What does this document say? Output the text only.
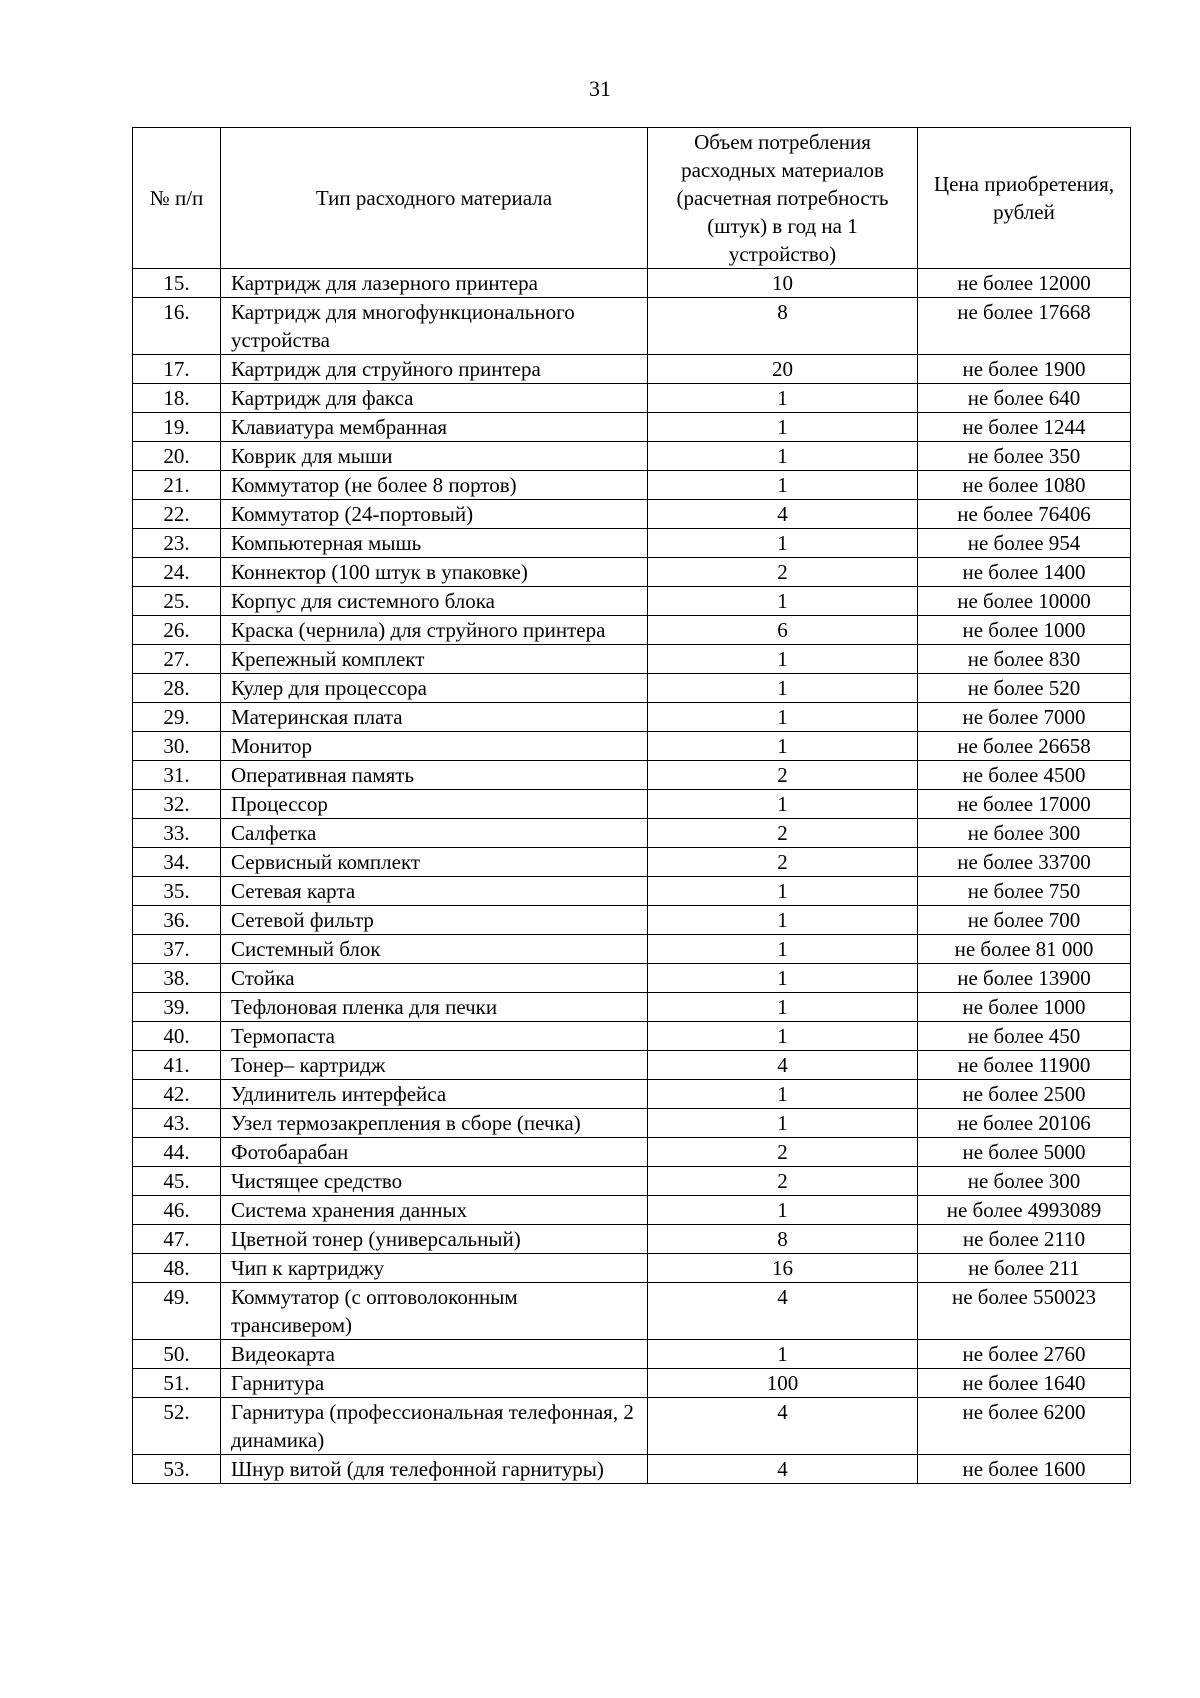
31
№ п/п	Тип расходного материала	Объем потребления расходных материалов (расчетная потребность (штук) в год на 1 устройство)	Цена приобретения, рублей
15.	Картридж для лазерного принтера	10	не более 12000
16.	Картридж для многофункционального устройства	8	не более 17668
17.	Картридж для струйного принтера	20	не более 1900
18.	Картридж для факса	1	не более 640
19.	Клавиатура мембранная	1	не более 1244
20.	Коврик для мыши	1	не более 350
21.	Коммутатор (не более 8 портов)	1	не более 1080
22.	Коммутатор (24-портовый)	4	не более 76406
23.	Компьютерная мышь	1	не более 954
24.	Коннектор (100 штук в упаковке)	2	не более 1400
25.	Корпус для системного блока	1	не более 10000
26.	Краска (чернила) для струйного принтера	6	не более 1000
27.	Крепежный комплект	1	не более 830
28.	Кулер для процессора	1	не более 520
29.	Материнская плата	1	не более 7000
30.	Монитор	1	не более 26658
31.	Оперативная память	2	не более 4500
32.	Процессор	1	не более 17000
33.	Салфетка	2	не более 300
34.	Сервисный комплект	2	не более 33700
35.	Сетевая карта	1	не более 750
36.	Сетевой фильтр	1	не более 700
37.	Системный блок	1	не более 81 000
38.	Стойка	1	не более 13900
39.	Тефлоновая пленка для печки	1	не более 1000
40.	Термопаста	1	не более 450
41.	Тонер– картридж	4	не более 11900
42.	Удлинитель интерфейса	1	не более 2500
43.	Узел термозакрепления в сборе (печка)	1	не более 20106
44.	Фотобарабан	2	не более 5000
45.	Чистящее средство	2	не более 300
46.	Система хранения данных	1	не более 4993089
47.	Цветной тонер (универсальный)	8	не более 2110
48.	Чип к картриджу	16	не более 211
49.	Коммутатор (с оптоволоконным трансивером)	4	не более 550023
50.	Видеокарта	1	не более 2760
51.	Гарнитура	100	не более 1640
52.	Гарнитура (профессиональная телефонная, 2 динамика)	4	не более 6200
53.	Шнур витой (для телефонной гарнитуры)	4	не более 1600
